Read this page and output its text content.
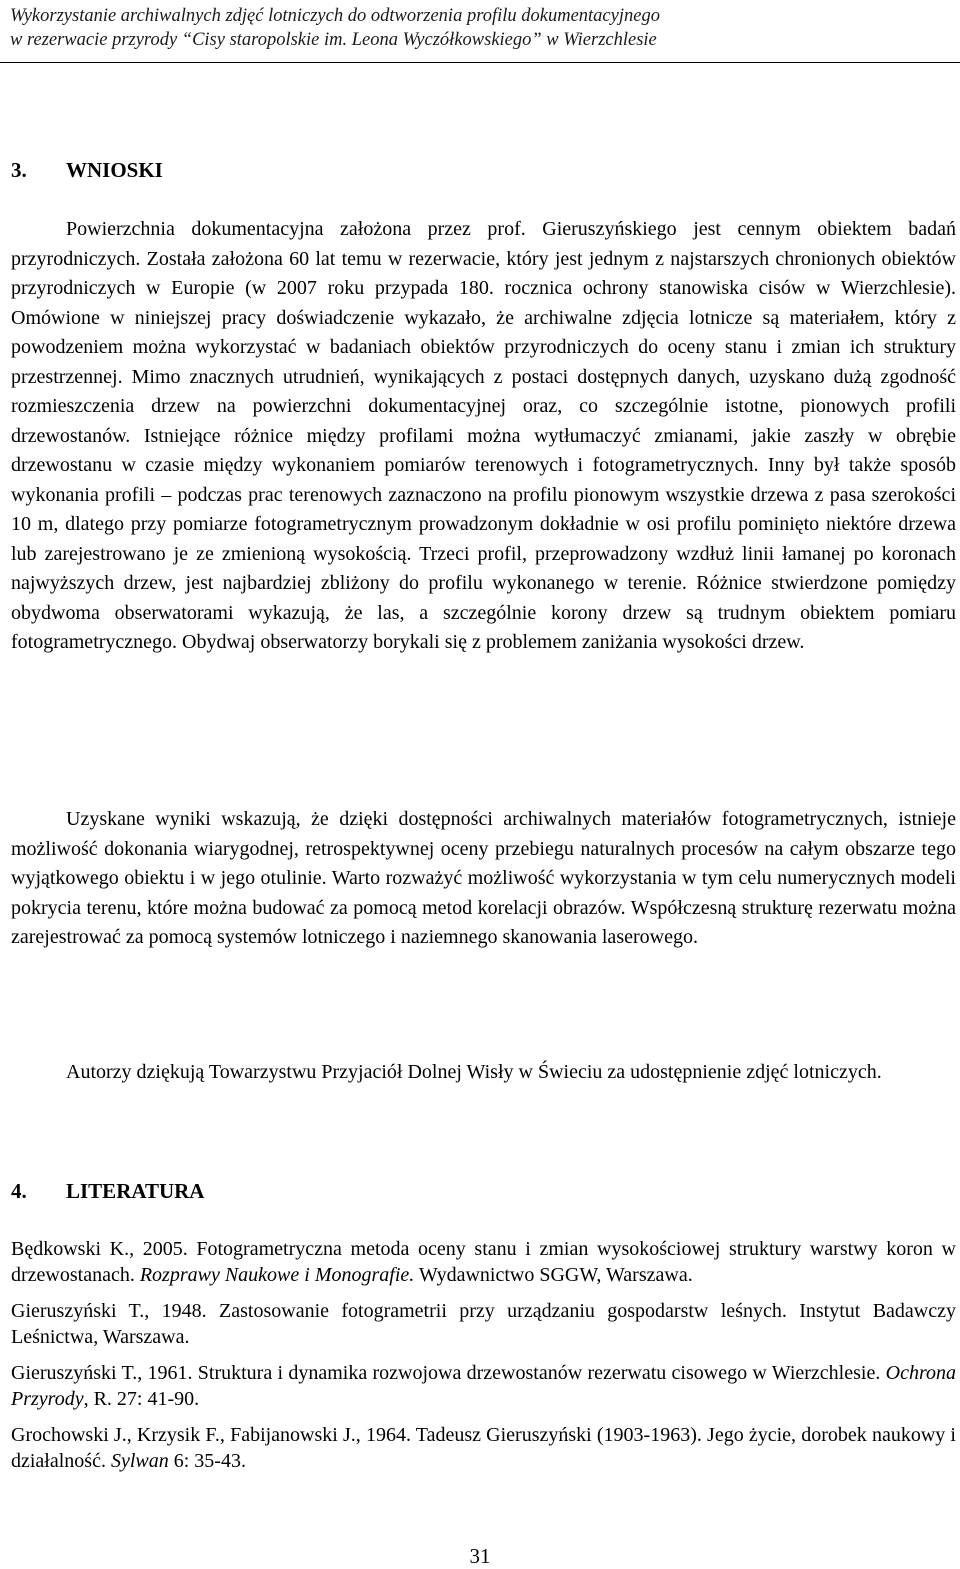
Wykorzystanie archiwalnych zdjęć lotniczych do odtworzenia profilu dokumentacyjnego
w rezerwacie przyrody “Cisy staropolskie im. Leona Wyczółkowskiego” w Wierzchlesie
3. WNIOSKI

Powierzchnia dokumentacyjna założona przez prof. Gieruszyńskiego jest cennym obiektem badań przyrodniczych. Została założona 60 lat temu w rezerwacie, który jest jednym z najstarszych chronionych obiektów przyrodniczych w Europie (w 2007 roku przypada 180. rocznica ochrony stanowiska cisów w Wierzchlesie). Omówione w niniejszej pracy doświadczenie wykazało, że archiwalne zdjęcia lotnicze są materiałem, który z powodzeniem można wykorzystać w badaniach obiektów przyrodniczych do oceny stanu i zmian ich struktury przestrzennej. Mimo znacznych utrudnień, wynikających z postaci dostępnych danych, uzyskano dużą zgodność rozmieszczenia drzew na powierzchni dokumentacyjnej oraz, co szczególnie istotne, pionowych profili drzewostanów. Istniejące różnice między profilami można wytłumaczyć zmianami, jakie zaszły w obrębie drzewostanu w czasie między wykonaniem pomiarów terenowych i fotogrametrycznych. Inny był także sposób wykonania profili – podczas prac terenowych zaznaczono na profilu pionowym wszystkie drzewa z pasa szerokości 10 m, dlatego przy pomiarze fotogrametrycznym prowadzonym dokładnie w osi profilu pominięto niektóre drzewa lub zarejestrowano je ze zmienioną wysokością. Trzeci profil, przeprowadzony wzdłuż linii łamanej po koronach najwyższych drzew, jest najbardziej zbliżony do profilu wykonanego w terenie. Różnice stwierdzone pomiędzy obydwoma obserwatorami wykazują, że las, a szczególnie korony drzew są trudnym obiektem pomiaru fotogrametrycznego. Obydwaj obserwatorzy borykali się z problemem zaniżania wysokości drzew.

Uzyskane wyniki wskazują, że dzięki dostępności archiwalnych materiałów fotogrametrycznych, istnieje możliwość dokonania wiarygodnej, retrospektywnej oceny przebiegu naturalnych procesów na całym obszarze tego wyjątkowego obiektu i w jego otulinie. Warto rozważyć możliwość wykorzystania w tym celu numerycznych modeli pokrycia terenu, które można budować za pomocą metod korelacji obrazów. Współczesną strukturę rezerwatu można zarejestrować za pomocą systemów lotniczego i naziemnego skanowania laserowego.

Autorzy dziękują Towarzystwu Przyjaciół Dolnej Wisły w Świeciu za udostępnienie zdjęć lotniczych.

4. LITERATURA

Będkowski K., 2005. Fotogrametryczna metoda oceny stanu i zmian wysokościowej struktury warstwy koron w drzewostanach. Rozprawy Naukowe i Monografie. Wydawnictwo SGGW, Warszawa.

Gieruszyński T., 1948. Zastosowanie fotogrametrii przy urządzaniu gospodarstw leśnych. Instytut Badawczy Leśnictwa, Warszawa.

Gieruszyński T., 1961. Struktura i dynamika rozwojowa drzewostanów rezerwatu cisowego w Wierzchlesie. Ochrona Przyrody, R. 27: 41-90.

Grochowski J., Krzysik F., Fabijanowski J., 1964. Tadeusz Gieruszyński (1903-1963). Jego życie, dorobek naukowy i działalność. Sylwan 6: 35-43.

31
